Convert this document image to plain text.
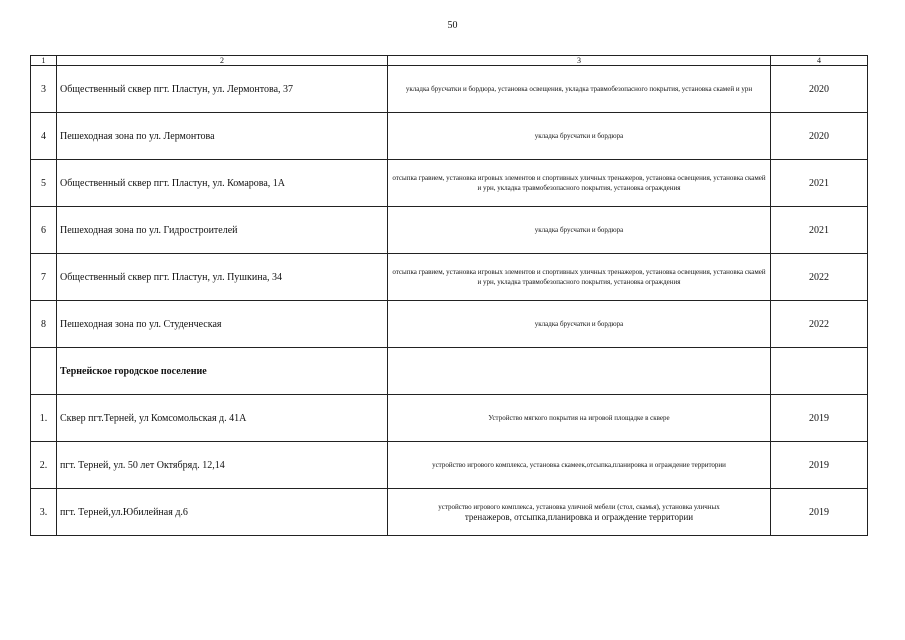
50
1	2	3	4
3	Общественный сквер пгт. Пластун, ул. Лермонтова, 37	укладка брусчатки и бордюра, установка освещения, укладка травмобезопасного покрытия, установка скамей и урн	2020
4	Пешеходная зона по ул. Лермонтова	укладка брусчатки и бордюра	2020
5	Общественный сквер пгт. Пластун, ул. Комарова, 1А	отсыпка гравием, установка игровых элементов и спортивных уличных тренажеров, установка освещения, установка скамей и урн, укладка травмобезопасного покрытия, установка ограждения	2021
6	Пешеходная зона по ул. Гидростроителей	укладка брусчатки и бордюра	2021
7	Общественный сквер пгт. Пластун, ул. Пушкина, 34	отсыпка гравием, установка игровых элементов и спортивных уличных тренажеров, установка освещения, установка скамей и урн, укладка травмобезопасного покрытия, установка ограждения	2022
8	Пешеходная зона по ул. Студенческая	укладка брусчатки и бордюра	2022
	Тернейское городское поселение		
1.	Сквер пгт.Терней, ул Комсомольская д. 41А	Устройство мягкого покрытия на игровой площадке в сквере	2019
2.	пгт. Терней, ул. 50 лет Октябряд. 12,14	устройство игрового комплекса, установка скамеек,отсыпка,планировка и ограждение территории	2019
3.	пгт. Терней,ул.Юбилейная д.6	устройство игрового комплекса, установка уличной мебели (стол, скамья), установка уличных
тренажеров, отсыпка,планировка и ограждение территории	2019
